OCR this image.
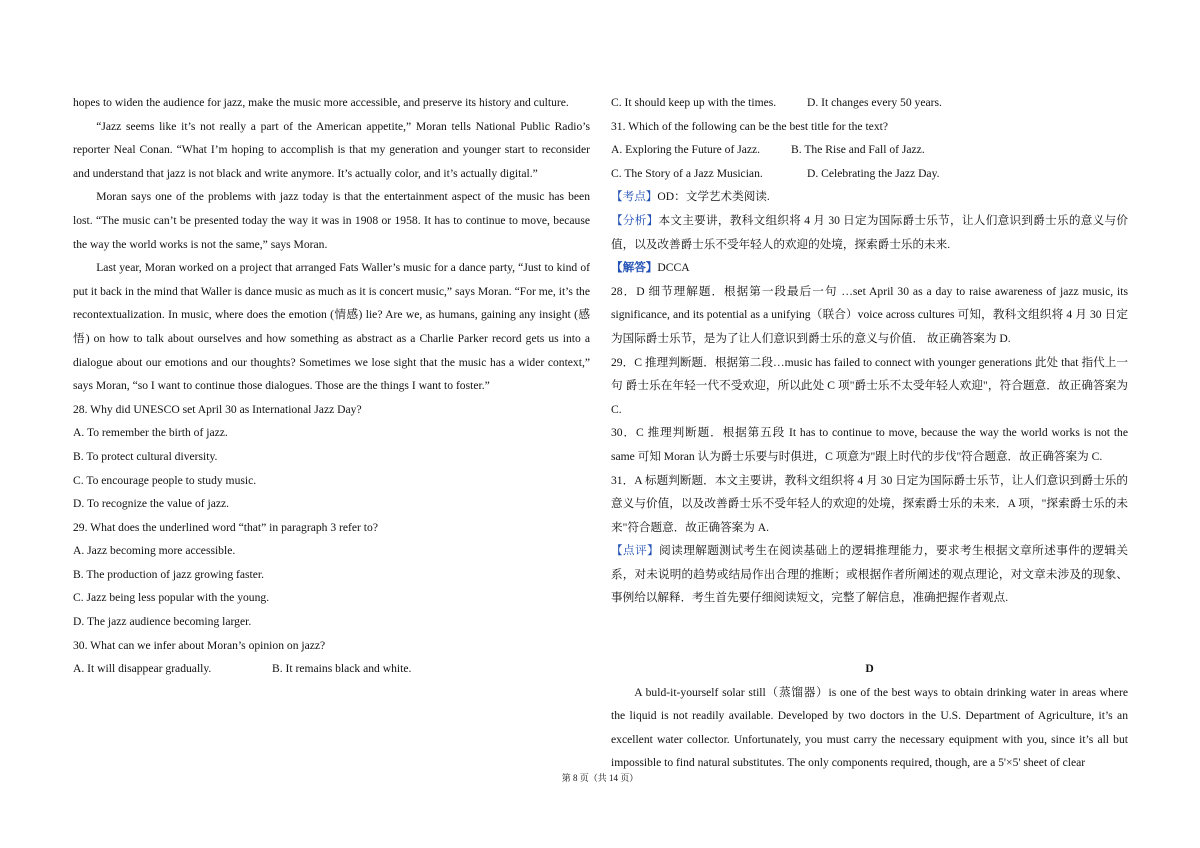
hopes to widen the audience for jazz, make the music more accessible, and preserve its history and culture.

“Jazz seems like it’s not really a part of the American appetite,” Moran tells National Public Radio’s reporter Neal Conan. “What I’m hoping to accomplish is that my generation and younger start to reconsider and understand that jazz is not black and write anymore. It’s actually color, and it’s actually digital.”

Moran says one of the problems with jazz today is that the entertainment aspect of the music has been lost. “The music can’t be presented today the way it was in 1908 or 1958. It has to continue to move, because the way the world works is not the same,” says Moran.

Last year, Moran worked on a project that arranged Fats Waller’s music for a dance party, “Just to kind of put it back in the mind that Waller is dance music as much as it is concert music,” says Moran. “For me, it’s the recontextualization. In music, where does the emotion (情感) lie? Are we, as humans, gaining any insight (感悟) on how to talk about ourselves and how something as abstract as a Charlie Parker record gets us into a dialogue about our emotions and our thoughts? Sometimes we lose sight that the music has a wider context,” says Moran, “so I want to continue those dialogues. Those are the things I want to foster.”

28. Why did UNESCO set April 30 as International Jazz Day?

A. To remember the birth of jazz.

B. To protect cultural diversity.

C. To encourage people to study music.

D. To recognize the value of jazz.

29. What does the underlined word “that” in paragraph 3 refer to?

A. Jazz becoming more accessible.

B. The production of jazz growing faster.

C. Jazz being less popular with the young.

D. The jazz audience becoming larger.

30. What can we infer about Moran’s opinion on jazz?

A. It will disappear gradually.	B. It remains black and white.

C. It should keep up with the times.	D. It changes every 50 years.

31. Which of the following can be the best title for the text?

A. Exploring the Future of Jazz.	B. The Rise and Fall of Jazz.

C. The Story of a Jazz Musician.	D. Celebrating the Jazz Day.

【考点】OD：文学艺术类阅读.

【分析】本文主要讲，教科文组织将 4 月 30 日定为国际爵士乐节，让人们意识到爵士乐的意义与价值，以及改善爵士乐不受年轻人的欢迎的处境，探索爵士乐的未来.

【解答】DCCA

28．D 细节理解题．根据第一段最后一句 …set April 30 as a day to raise awareness of jazz music, its significance, and its potential as a unifying（联合）voice across cultures 可知，教科文组织将 4 月 30 日定为国际爵士乐节，是为了让人们意识到爵士乐的意义与价值． 故正确答案为 D.

29．C 推理判断题．根据第二段…music has failed to connect with younger generations 此处 that 指代上一句 爵士乐在年轻一代不受欢迎，所以此处 C 项"爵士乐不太受年轻人欢迎"，符合题意．故正确答案为 C.

30．C 推理判断题．根据第五段 It has to continue to move, because the way the world works is not the same 可知 Moran 认为爵士乐要与时俱进，C 项意为"跟上时代的步伐"符合题意．故正确答案为 C.

31．A 标题判断题．本文主要讲，教科文组织将 4 月 30 日定为国际爵士乐节，让人们意识到爵士乐的意义与价值，以及改善爵士乐不受年轻人的欢迎的处境，探索爵士乐的未来．A 项，"探索爵士乐的未来"符合题意．故正确答案为 A.

【点评】阅读理解题测试考生在阅读基础上的逻辑推理能力，要求考生根据文章所述事件的逻辑关系，对未说明的趋势或结局作出合理的推断；或根据作者所阐述的观点理论，对文章未涉及的现象、事例给以解释．考生首先要仔细阅读短文，完整了解信息，准确把握作者观点.

D

A buld-it-yourself solar still（蒸馏器）is one of the best ways to obtain drinking water in areas where the liquid is not readily available. Developed by two doctors in the U.S. Department of Agriculture, it’s an excellent water collector. Unfortunately, you must carry the necessary equipment with you, since it’s all but impossible to find natural substitutes. The only components required, though, are a 5'×5' sheet of clear

第 8 页（共 14 页）
